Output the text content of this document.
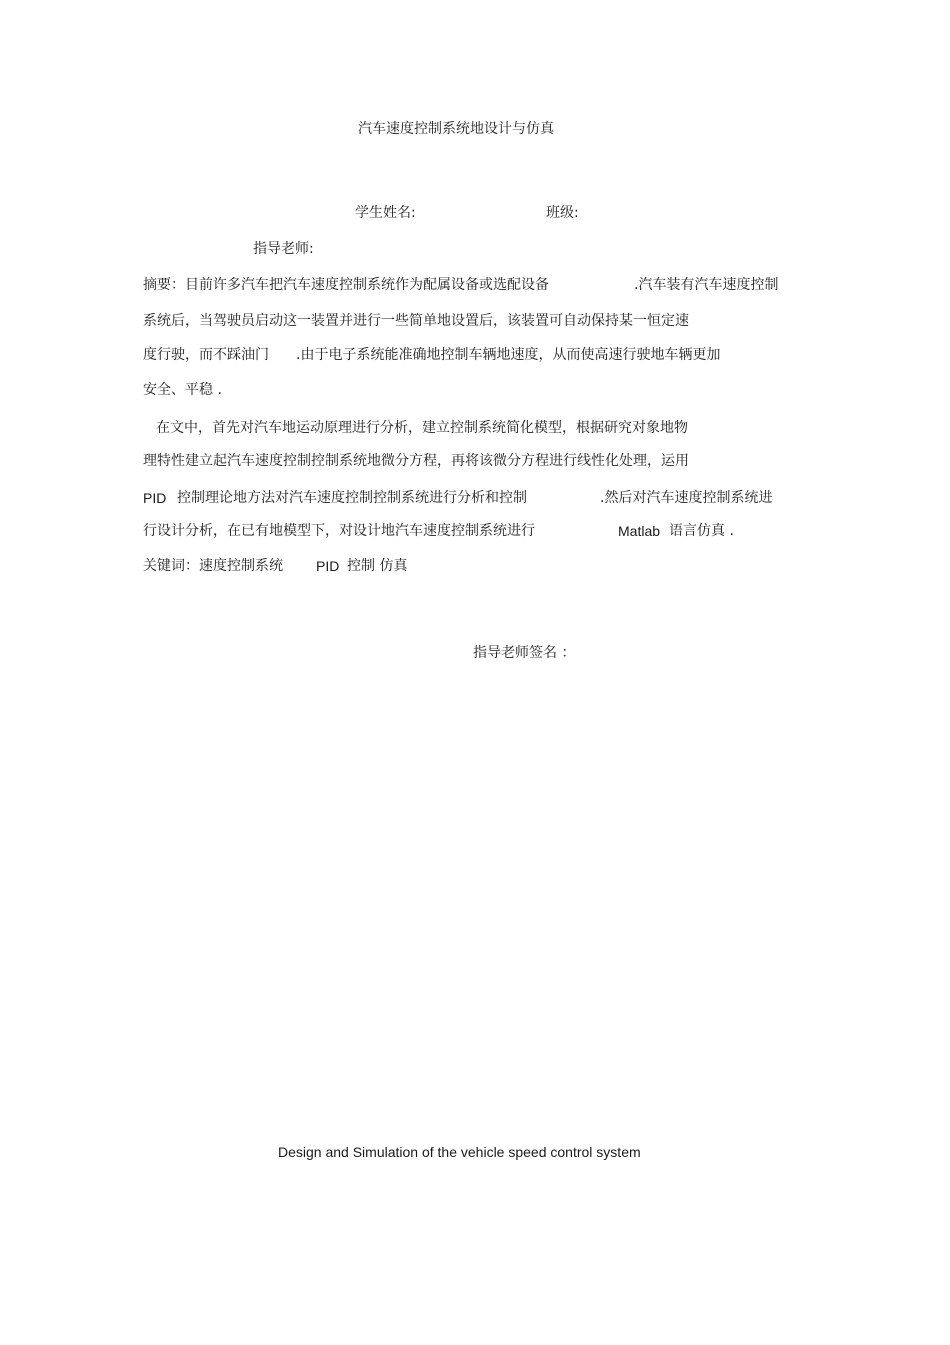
汽车速度控制系统地设计与仿真
学生姓名:	班级:
指导老师:
摘要：目前许多汽车把汽车速度控制系统作为配属设备或选配设备	.汽车装有汽车速度控制
系统后，当驾驶员启动这一装置并进行一些简单地设置后，该装置可自动保持某一恒定速
度行驶，而不踩油门 .由于电子系统能准确地控制车辆地速度，从而使高速行驶地车辆更加
安全、平稳 .
在文中，首先对汽车地运动原理进行分析，建立控制系统简化模型，根据研究对象地物
理特性建立起汽车速度控制控制系统地微分方程，再将该微分方程进行线性化处理，运用
PID 控制理论地方法对汽车速度控制控制系统进行分析和控制	.然后对汽车速度控制系统进
行设计分析，在已有地模型下，对设计地汽车速度控制系统进行	Matlab 语言仿真 .
关键词：速度控制系统 PID 控制 仿真
指导老师签名 ：
Design and Simulation of the vehicle speed control system
